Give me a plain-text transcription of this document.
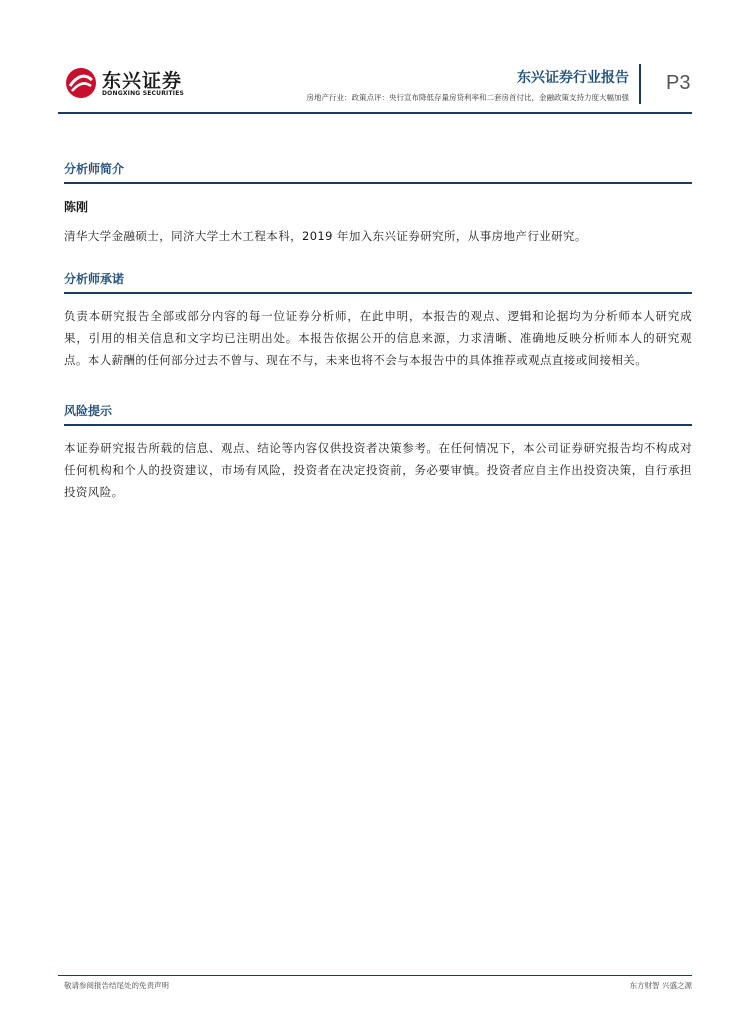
东兴证券
DONGXING SECURITIES
东兴证券行业报告
房地产行业：政策点评：央行宣布降低存量房贷利率和二套房首付比，金融政策支持力度大幅加强
P3
分析师简介

陈刚

清华大学金融硕士，同济大学土木工程本科，2019 年加入东兴证券研究所，从事房地产行业研究。

分析师承诺

负责本研究报告全部或部分内容的每一位证券分析师，在此申明，本报告的观点、逻辑和论据均为分析师本人研究成果，引用的相关信息和文字均已注明出处。本报告依据公开的信息来源，力求清晰、准确地反映分析师本人的研究观点。本人薪酬的任何部分过去不曾与、现在不与，未来也将不会与本报告中的具体推荐或观点直接或间接相关。

风险提示

本证券研究报告所载的信息、观点、结论等内容仅供投资者决策参考。在任何情况下，本公司证券研究报告均不构成对任何机构和个人的投资建议，市场有风险，投资者在决定投资前，务必要审慎。投资者应自主作出投资决策，自行承担投资风险。

敬请参阅报告结尾处的免责声明	东方财智 兴盛之源
